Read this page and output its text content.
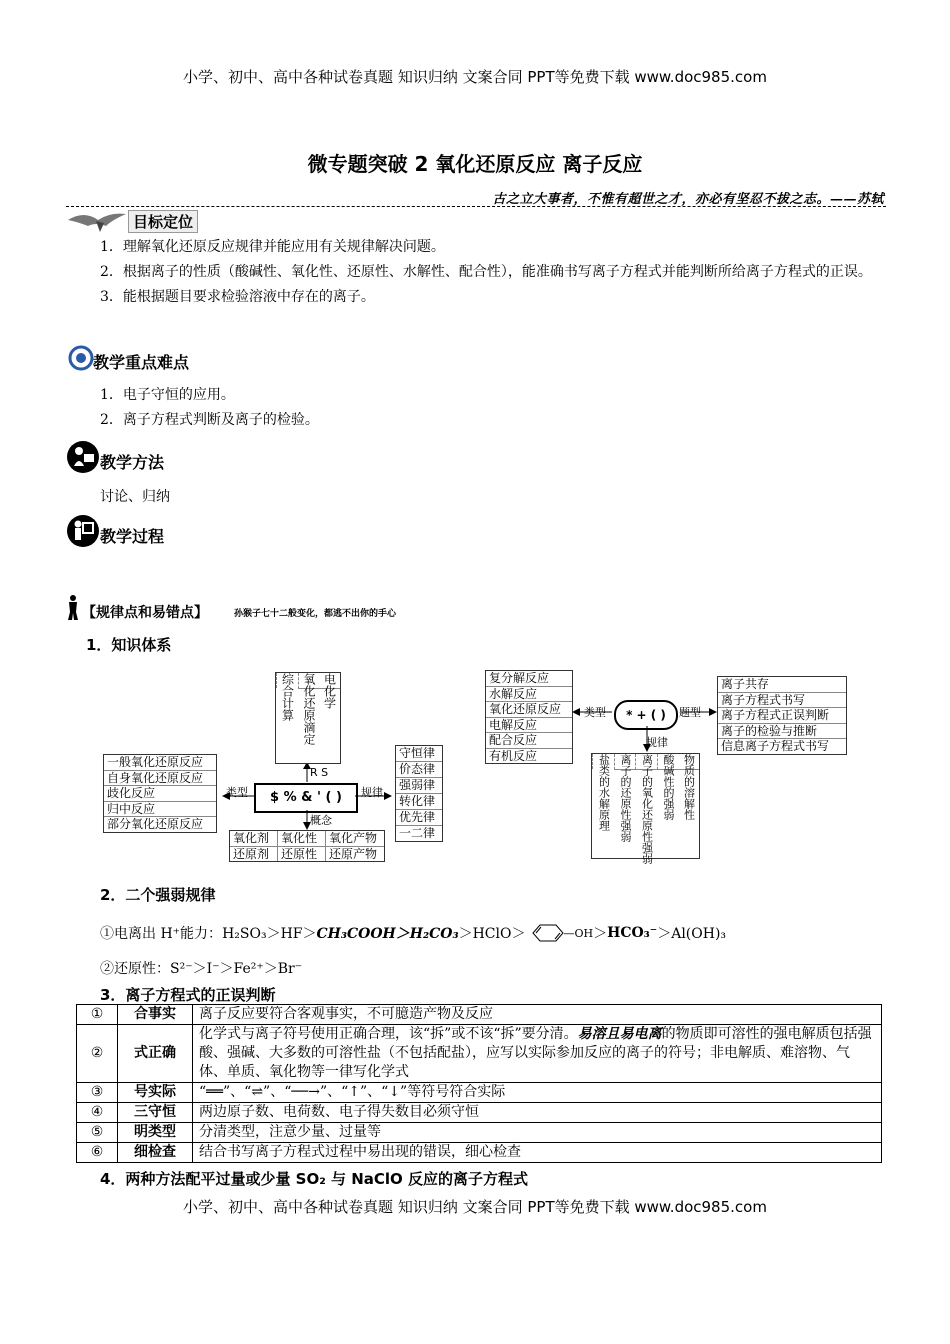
小学、初中、高中各种试卷真题 知识归纳 文案合同 PPT等免费下载 www.doc985.com
小学、初中、高中各种试卷真题 知识归纳 文案合同 PPT等免费下载 www.doc985.com
微专题突破 2 氧化还原反应 离子反应
古之立大事者，不惟有超世之才，亦必有坚忍不拔之志。——苏轼
目标定位
1．理解氧化还原反应规律并能应用有关规律解决问题。
2．根据离子的性质（酸碱性、氧化性、还原性、水解性、配合性），能准确书写离子方程式并能判断所给离子方程式的正误。
3．能根据题目要求检验溶液中存在的离子。
教学重点难点
1．电子守恒的应用。
2．离子方程式判断及离子的检验。
教学方法
讨论、归纳
教学过程
【规律点和易错点】	孙猴子七十二般变化，都逃不出你的手心
1．知识体系
电化学
氧化还原滴定
综合计算
R S
一般氧化还原反应
自身氧化还原反应
歧化反应
归中反应
部分氧化还原反应
类型	$ % & ' ( )	规律
守恒律
价态律
强弱律
转化律
优先律
一二律
概念
氧化剂 氧化性 氧化产物
还原剂 还原性 还原产物
复分解反应
水解反应
氧化还原反应
电解反应
配合反应
有机反应
类型	* + ( )	题型
规律
离子共存
离子方程式书写
离子方程式正误判断
离子的检验与推断
信息离子方程式书写
物质的溶解性
酸碱性的强弱
离子的氧化还原性强弱
离子的还原性强弱
盐类的水解原理
2．二个强弱规律
①电离出 H⁺能力： H₂SO₃＞HF＞ CH₃COOH＞H₂CO₃ ＞HClO＞	—OH ＞ HCO₃⁻ ＞Al(OH)₃
②还原性：S²⁻＞I⁻＞Fe²⁺＞Br⁻
3．离子方程式的正误判断
①	合事实	离子反应要符合客观事实，不可臆造产物及反应
②	式正确	化学式与离子符号使用正确合理，该“拆”或不该“拆”要分清。易溶且易电离的物质即可溶性的强电解质包括强酸、强碱、大多数的可溶性盐（不包括配盐），应写以实际参加反应的离子的符号；非电解质、难溶物、气体、单质、氧化物等一律写化学式
③	号实际	“══”、“⇌”、“──→”、“↑”、“↓”等符号符合实际
④	三守恒	两边原子数、电荷数、电子得失数目必须守恒
⑤	明类型	分清类型，注意少量、过量等
⑥	细检查	结合书写离子方程式过程中易出现的错误，细心检查
4．两种方法配平过量或少量 SO₂ 与 NaClO 反应的离子方程式
